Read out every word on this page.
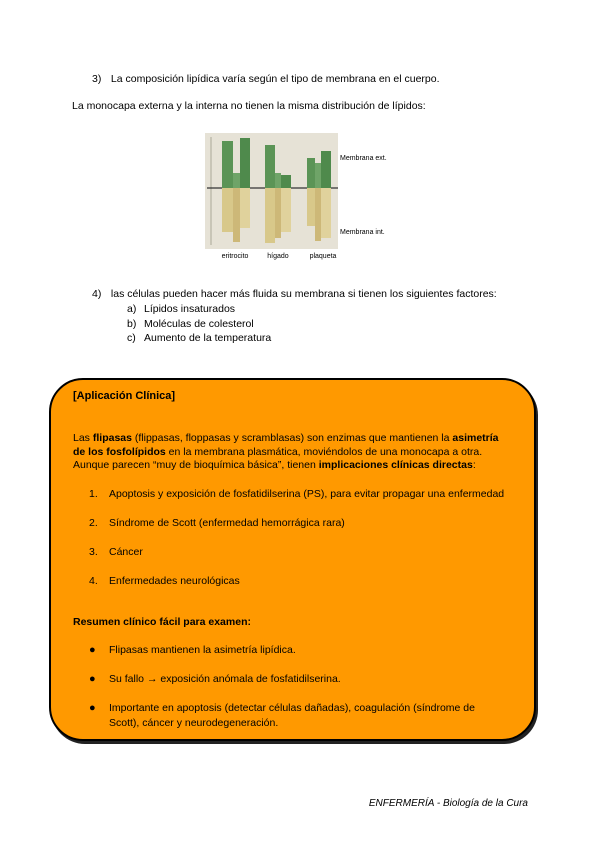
3) La composición lipídica varía según el tipo de membrana en el cuerpo.
La monocapa externa y la interna no tienen la misma distribución de lípidos:
Membrana ext.
Membrana int.
eritrocito	hígado	plaqueta
4) las células pueden hacer más fluida su membrana si tienen los siguientes factores:
a) Lípidos insaturados
b) Moléculas de colesterol
c) Aumento de la temperatura
[Aplicación Clínica]
Las flipasas (flippasas, floppasas y scramblasas) son enzimas que mantienen la asimetría
de los fosfolípidos en la membrana plasmática, moviéndolos de una monocapa a otra.
Aunque parecen “muy de bioquímica básica”, tienen implicaciones clínicas directas:
1. Apoptosis y exposición de fosfatidilserina (PS), para evitar propagar una enfermedad
2. Síndrome de Scott (enfermedad hemorrágica rara)
3. Cáncer
4. Enfermedades neurológicas
Resumen clínico fácil para examen:
● Flipasas mantienen la asimetría lipídica.
● Su fallo → exposición anómala de fosfatidilserina.
● Importante en apoptosis (detectar células dañadas), coagulación (síndrome de
Scott), cáncer y neurodegeneración.
ENFERMERÍA - Biología de la Cura
